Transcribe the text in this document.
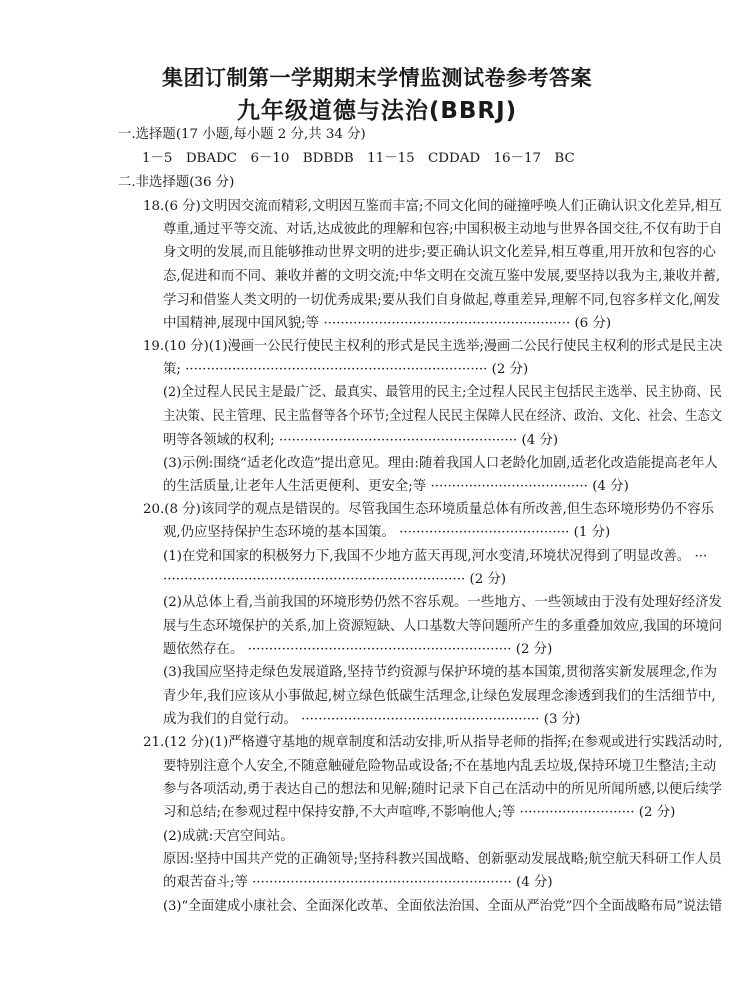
集团订制第一学期期末学情监测试卷参考答案
九年级道德与法治(BBRJ)
一.选择题(17 小题,每小题 2 分,共 34 分)
1－5　DBADC　6－10　BDBDB　11－15　CDDAD　16－17　BC
二.非选择题(36 分)
18.(6 分)文明因交流而精彩,文明因互鉴而丰富;不同文化间的碰撞呼唤人们正确认识文化差异,相互
尊重,通过平等交流、对话,达成彼此的理解和包容;中国积极主动地与世界各国交往,不仅有助于自
身文明的发展,而且能够推动世界文明的进步;要正确认识文化差异,相互尊重,用开放和包容的心
态,促进和而不同、兼收并蓄的文明交流;中华文明在交流互鉴中发展,要坚持以我为主,兼收并蓄,
学习和借鉴人类文明的一切优秀成果;要从我们自身做起,尊重差异,理解不同,包容多样文化,阐发
中国精神,展现中国风貌;等 ·························································· (6 分)
19.(10 分)(1)漫画一公民行使民主权利的形式是民主选举;漫画二公民行使民主权利的形式是民主决
策; ······································································· (2 分)
(2)全过程人民民主是最广泛、最真实、最管用的民主;全过程人民民主包括民主选举、民主协商、民
主决策、民主管理、民主监督等各个环节;全过程人民民主保障人民在经济、政治、文化、社会、生态文
明等各领域的权利; ························································ (4 分)
(3)示例:围绕“适老化改造”提出意见。理由:随着我国人口老龄化加剧,适老化改造能提高老年人
的生活质量,让老年人生活更便利、更安全;等 ····································· (4 分)
20.(8 分)该同学的观点是错误的。尽管我国生态环境质量总体有所改善,但生态环境形势仍不容乐
观,仍应坚持保护生态环境的基本国策。 ········································ (1 分)
(1)在党和国家的积极努力下,我国不少地方蓝天再现,河水变清,环境状况得到了明显改善。 ···
······································································· (2 分)
(2)从总体上看,当前我国的环境形势仍然不容乐观。一些地方、一些领域由于没有处理好经济发
展与生态环境保护的关系,加上资源短缺、人口基数大等问题所产生的多重叠加效应,我国的环境问
题依然存在。 ······························································ (2 分)
(3)我国应坚持走绿色发展道路,坚持节约资源与保护环境的基本国策,贯彻落实新发展理念,作为
青少年,我们应该从小事做起,树立绿色低碳生活理念,让绿色发展理念渗透到我们的生活细节中,
成为我们的自觉行动。 ························································ (3 分)
21.(12 分)(1)严格遵守基地的规章制度和活动安排,听从指导老师的指挥;在参观或进行实践活动时,
要特别注意个人安全,不随意触碰危险物品或设备;不在基地内乱丢垃圾,保持环境卫生整洁;主动
参与各项活动,勇于表达自己的想法和见解;随时记录下自己在活动中的所见所闻所感,以便后续学
习和总结;在参观过程中保持安静,不大声喧哗,不影响他人;等 ··························· (2 分)
(2)成就:天宫空间站。
原因:坚持中国共产党的正确领导;坚持科教兴国战略、创新驱动发展战略;航空航天科研工作人员
的艰苦奋斗;等 ····························································· (4 分)
(3)“全面建成小康社会、全面深化改革、全面依法治国、全面从严治党”四个全面战略布局”说法错
